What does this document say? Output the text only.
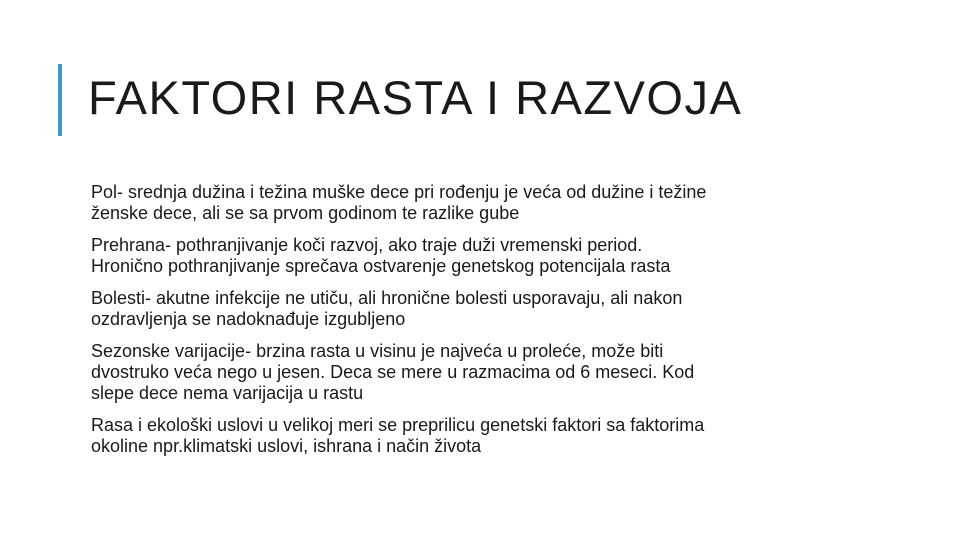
FAKTORI RASTA I RAZVOJA

Pol- srednja dužina i težina muške dece pri rođenju je veća od dužine i težine
ženske dece, ali se sa prvom godinom te razlike gube

Prehrana- pothranjivanje koči razvoj, ako traje duži vremenski period.
Hronično pothranjivanje sprečava ostvarenje genetskog potencijala rasta

Bolesti- akutne infekcije ne utiču, ali hronične bolesti usporavaju, ali nakon
ozdravljenja se nadoknađuje izgubljeno

Sezonske varijacije- brzina rasta u visinu je najveća u proleće, može biti
dvostruko veća nego u jesen. Deca se mere u razmacima od 6 meseci. Kod
slepe dece nema varijacija u rastu

Rasa i ekološki uslovi u velikoj meri se preprilicu genetski faktori sa faktorima
okoline npr.klimatski uslovi, ishrana i način života
